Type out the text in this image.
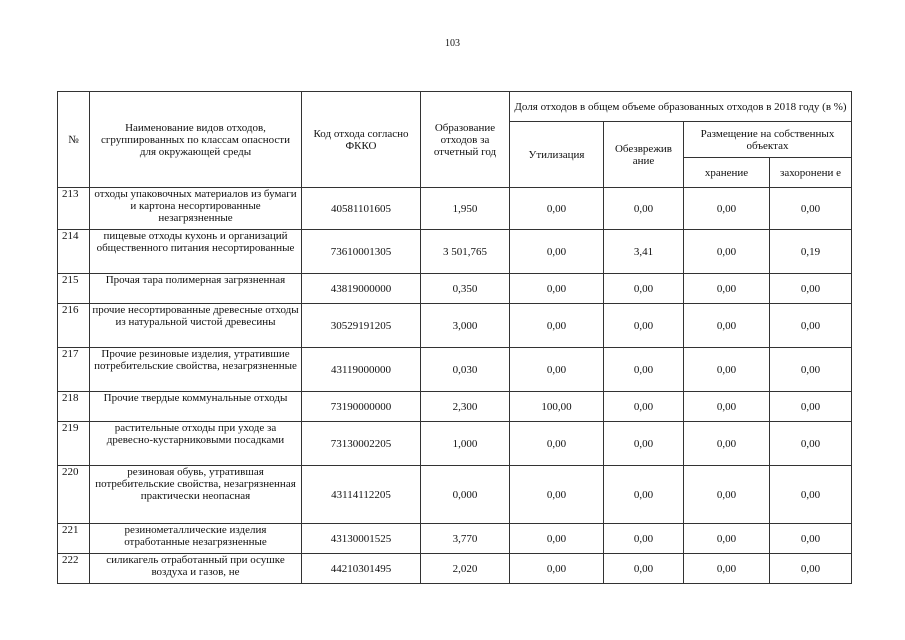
103
№	Наименование видов отходов, сгруппированных по классам опасности для окружающей среды	Код отхода согласно ФККО	Образование отходов за отчетный год	Доля отходов в общем объеме образованных отходов в 2018 году (в %)			
				Утилизация	Обезврежив ание	Размещение на собственных объектах	
						хранение	захоронени е
213	отходы упаковочных материалов из бумаги и картона несортированные незагрязненные	40581101605	1,950	0,00	0,00	0,00	0,00
214	пищевые отходы кухонь и организаций общественного питания несортированные	73610001305	3 501,765	0,00	3,41	0,00	0,19
215	Прочая тара полимерная загрязненная	43819000000	0,350	0,00	0,00	0,00	0,00
216	прочие несортированные древесные отходы из натуральной чистой древесины	30529191205	3,000	0,00	0,00	0,00	0,00
217	Прочие резиновые изделия, утратившие потребительские свойства, незагрязненные	43119000000	0,030	0,00	0,00	0,00	0,00
218	Прочие твердые коммунальные отходы	73190000000	2,300	100,00	0,00	0,00	0,00
219	растительные отходы при уходе за древесно-кустарниковыми посадками	73130002205	1,000	0,00	0,00	0,00	0,00
220	резиновая обувь, утратившая потребительские свойства, незагрязненная практически неопасная	43114112205	0,000	0,00	0,00	0,00	0,00
221	резинометаллические изделия отработанные незагрязненные	43130001525	3,770	0,00	0,00	0,00	0,00
222	силикагель отработанный при осушке воздуха и газов, не	44210301495	2,020	0,00	0,00	0,00	0,00
